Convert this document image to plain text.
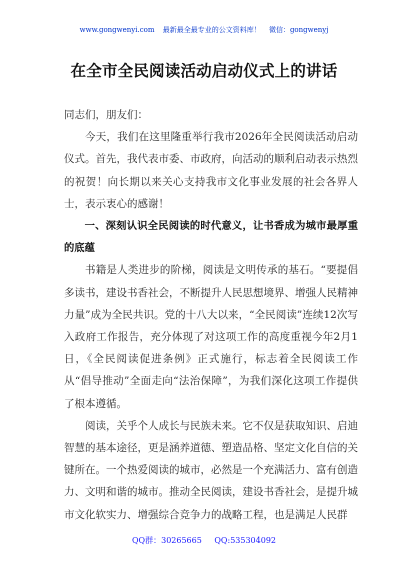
www.gongwenyi.com 最新最全最专业的公文资料库！ 微信：gongwenyj
在全市全民阅读活动启动仪式上的讲话

同志们，朋友们：

今天，我们在这里隆重举行我市2026年全民阅读活动启动仪式。首先，我代表市委、市政府，向活动的顺利启动表示热烈的祝贺！向长期以来关心支持我市文化事业发展的社会各界人士，表示衷心的感谢！

一、深刻认识全民阅读的时代意义，让书香成为城市最厚重的底蕴

书籍是人类进步的阶梯，阅读是文明传承的基石。“要提倡多读书，建设书香社会，不断提升人民思想境界、增强人民精神力量”成为全民共识。党的十八大以来，“全民阅读”连续12次写入政府工作报告，充分体现了对这项工作的高度重视今年2月1日，《全民阅读促进条例》正式施行，标志着全民阅读工作从“倡导推动”全面走向“法治保障”，为我们深化这项工作提供了根本遵循。

阅读，关乎个人成长与民族未来。它不仅是获取知识、启迪智慧的基本途径，更是涵养道德、塑造品格、坚定文化自信的关键所在。一个热爱阅读的城市，必然是一个充满活力、富有创造力、文明和谐的城市。推动全民阅读，建设书香社会，是提升城市文化软实力、增强综合竞争力的战略工程，也是满足人民群

QQ群：30265665 QQ:535304092
